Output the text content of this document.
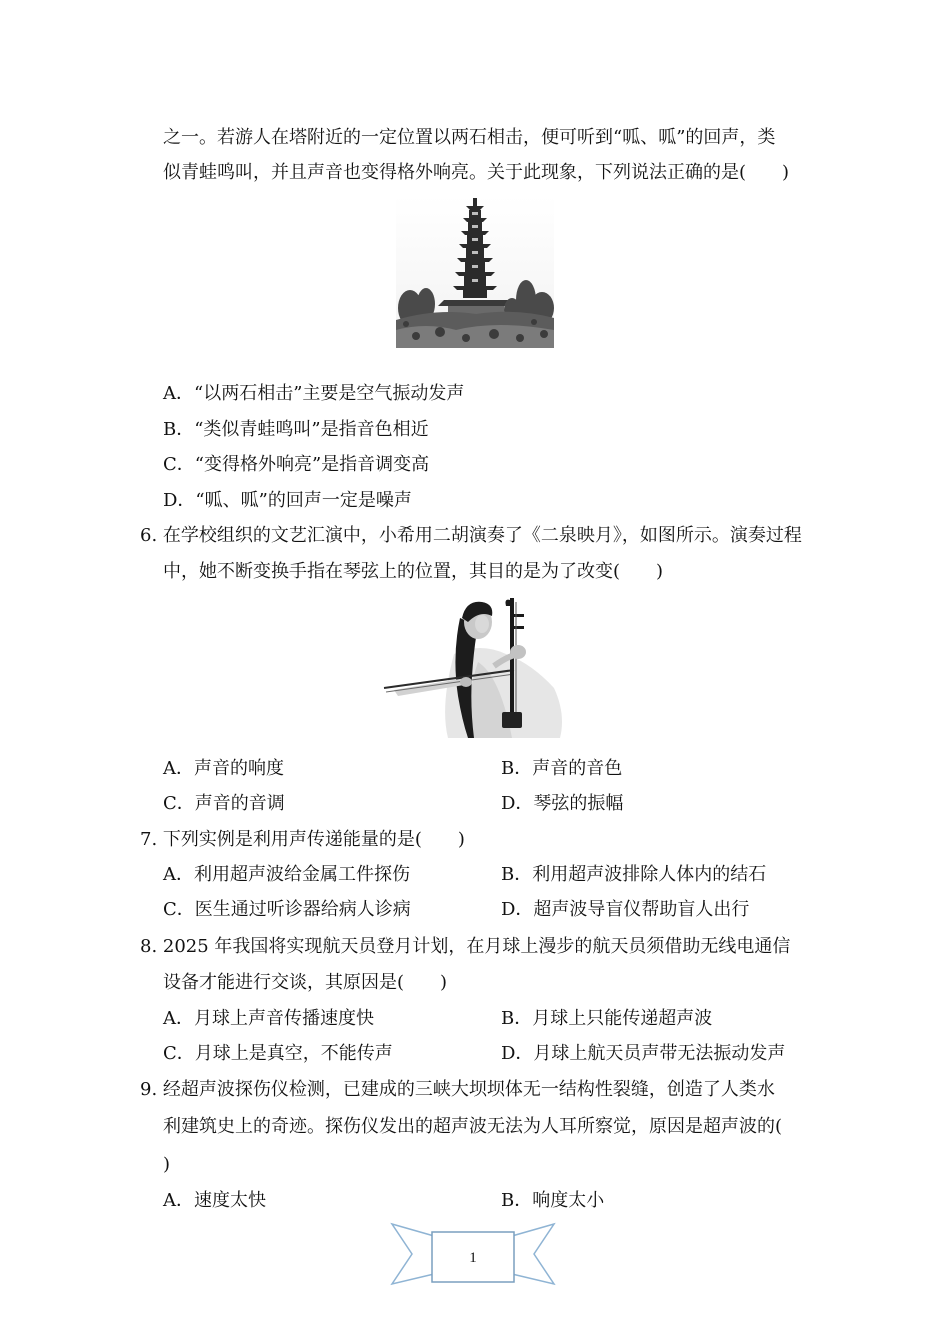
之一。若游人在塔附近的一定位置以两石相击，便可听到“呱、呱”的回声，类
似青蛙鸣叫，并且声音也变得格外响亮。关于此现象，下列说法正确的是(　　)
A．“以两石相击”主要是空气振动发声
B．“类似青蛙鸣叫”是指音色相近
C．“变得格外响亮”是指音调变高
D．“呱、呱”的回声一定是噪声
6. 在学校组织的文艺汇演中，小希用二胡演奏了《二泉映月》，如图所示。演奏过程
中，她不断变换手指在琴弦上的位置，其目的是为了改变(　　)
A．声音的响度	B．声音的音色
C．声音的音调	D．琴弦的振幅
7. 下列实例是利用声传递能量的是(　　)
A．利用超声波给金属工件探伤	B．利用超声波排除人体内的结石
C．医生通过听诊器给病人诊病	D．超声波导盲仪帮助盲人出行
8. 2025 年我国将实现航天员登月计划，在月球上漫步的航天员须借助无线电通信
设备才能进行交谈，其原因是(　　)
A．月球上声音传播速度快	B．月球上只能传递超声波
C．月球上是真空，不能传声	D．月球上航天员声带无法振动发声
9. 经超声波探伤仪检测，已建成的三峡大坝坝体无一结构性裂缝，创造了人类水
利建筑史上的奇迹。探伤仪发出的超声波无法为人耳所察觉，原因是超声波的(
)
A．速度太快	B．响度太小
1
